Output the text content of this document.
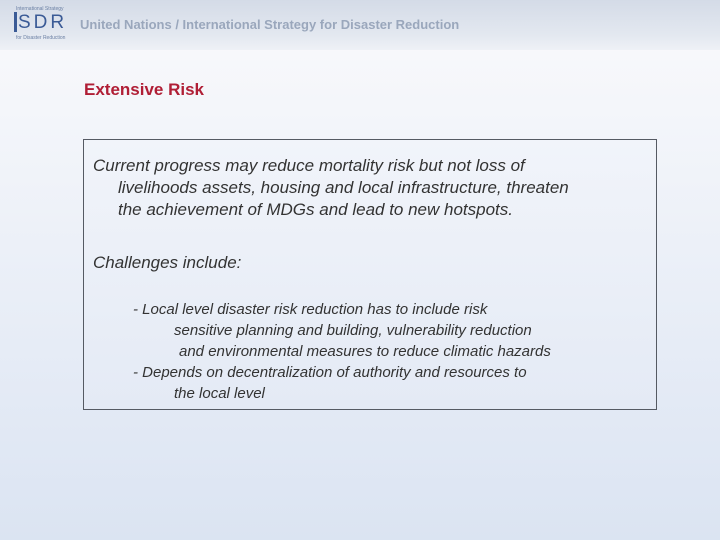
International Strategy
SDR
for Disaster Reduction
United Nations / International Strategy for Disaster Reduction
Extensive Risk

Current progress may reduce mortality risk but not loss of
livelihoods assets, housing and local infrastructure, threaten
the achievement of MDGs and lead to new hotspots.

Challenges include:

- Local level disaster risk reduction has to include risk
sensitive planning and building, vulnerability reduction
and environmental measures to reduce climatic hazards
- Depends on decentralization of authority and resources to
the local level
